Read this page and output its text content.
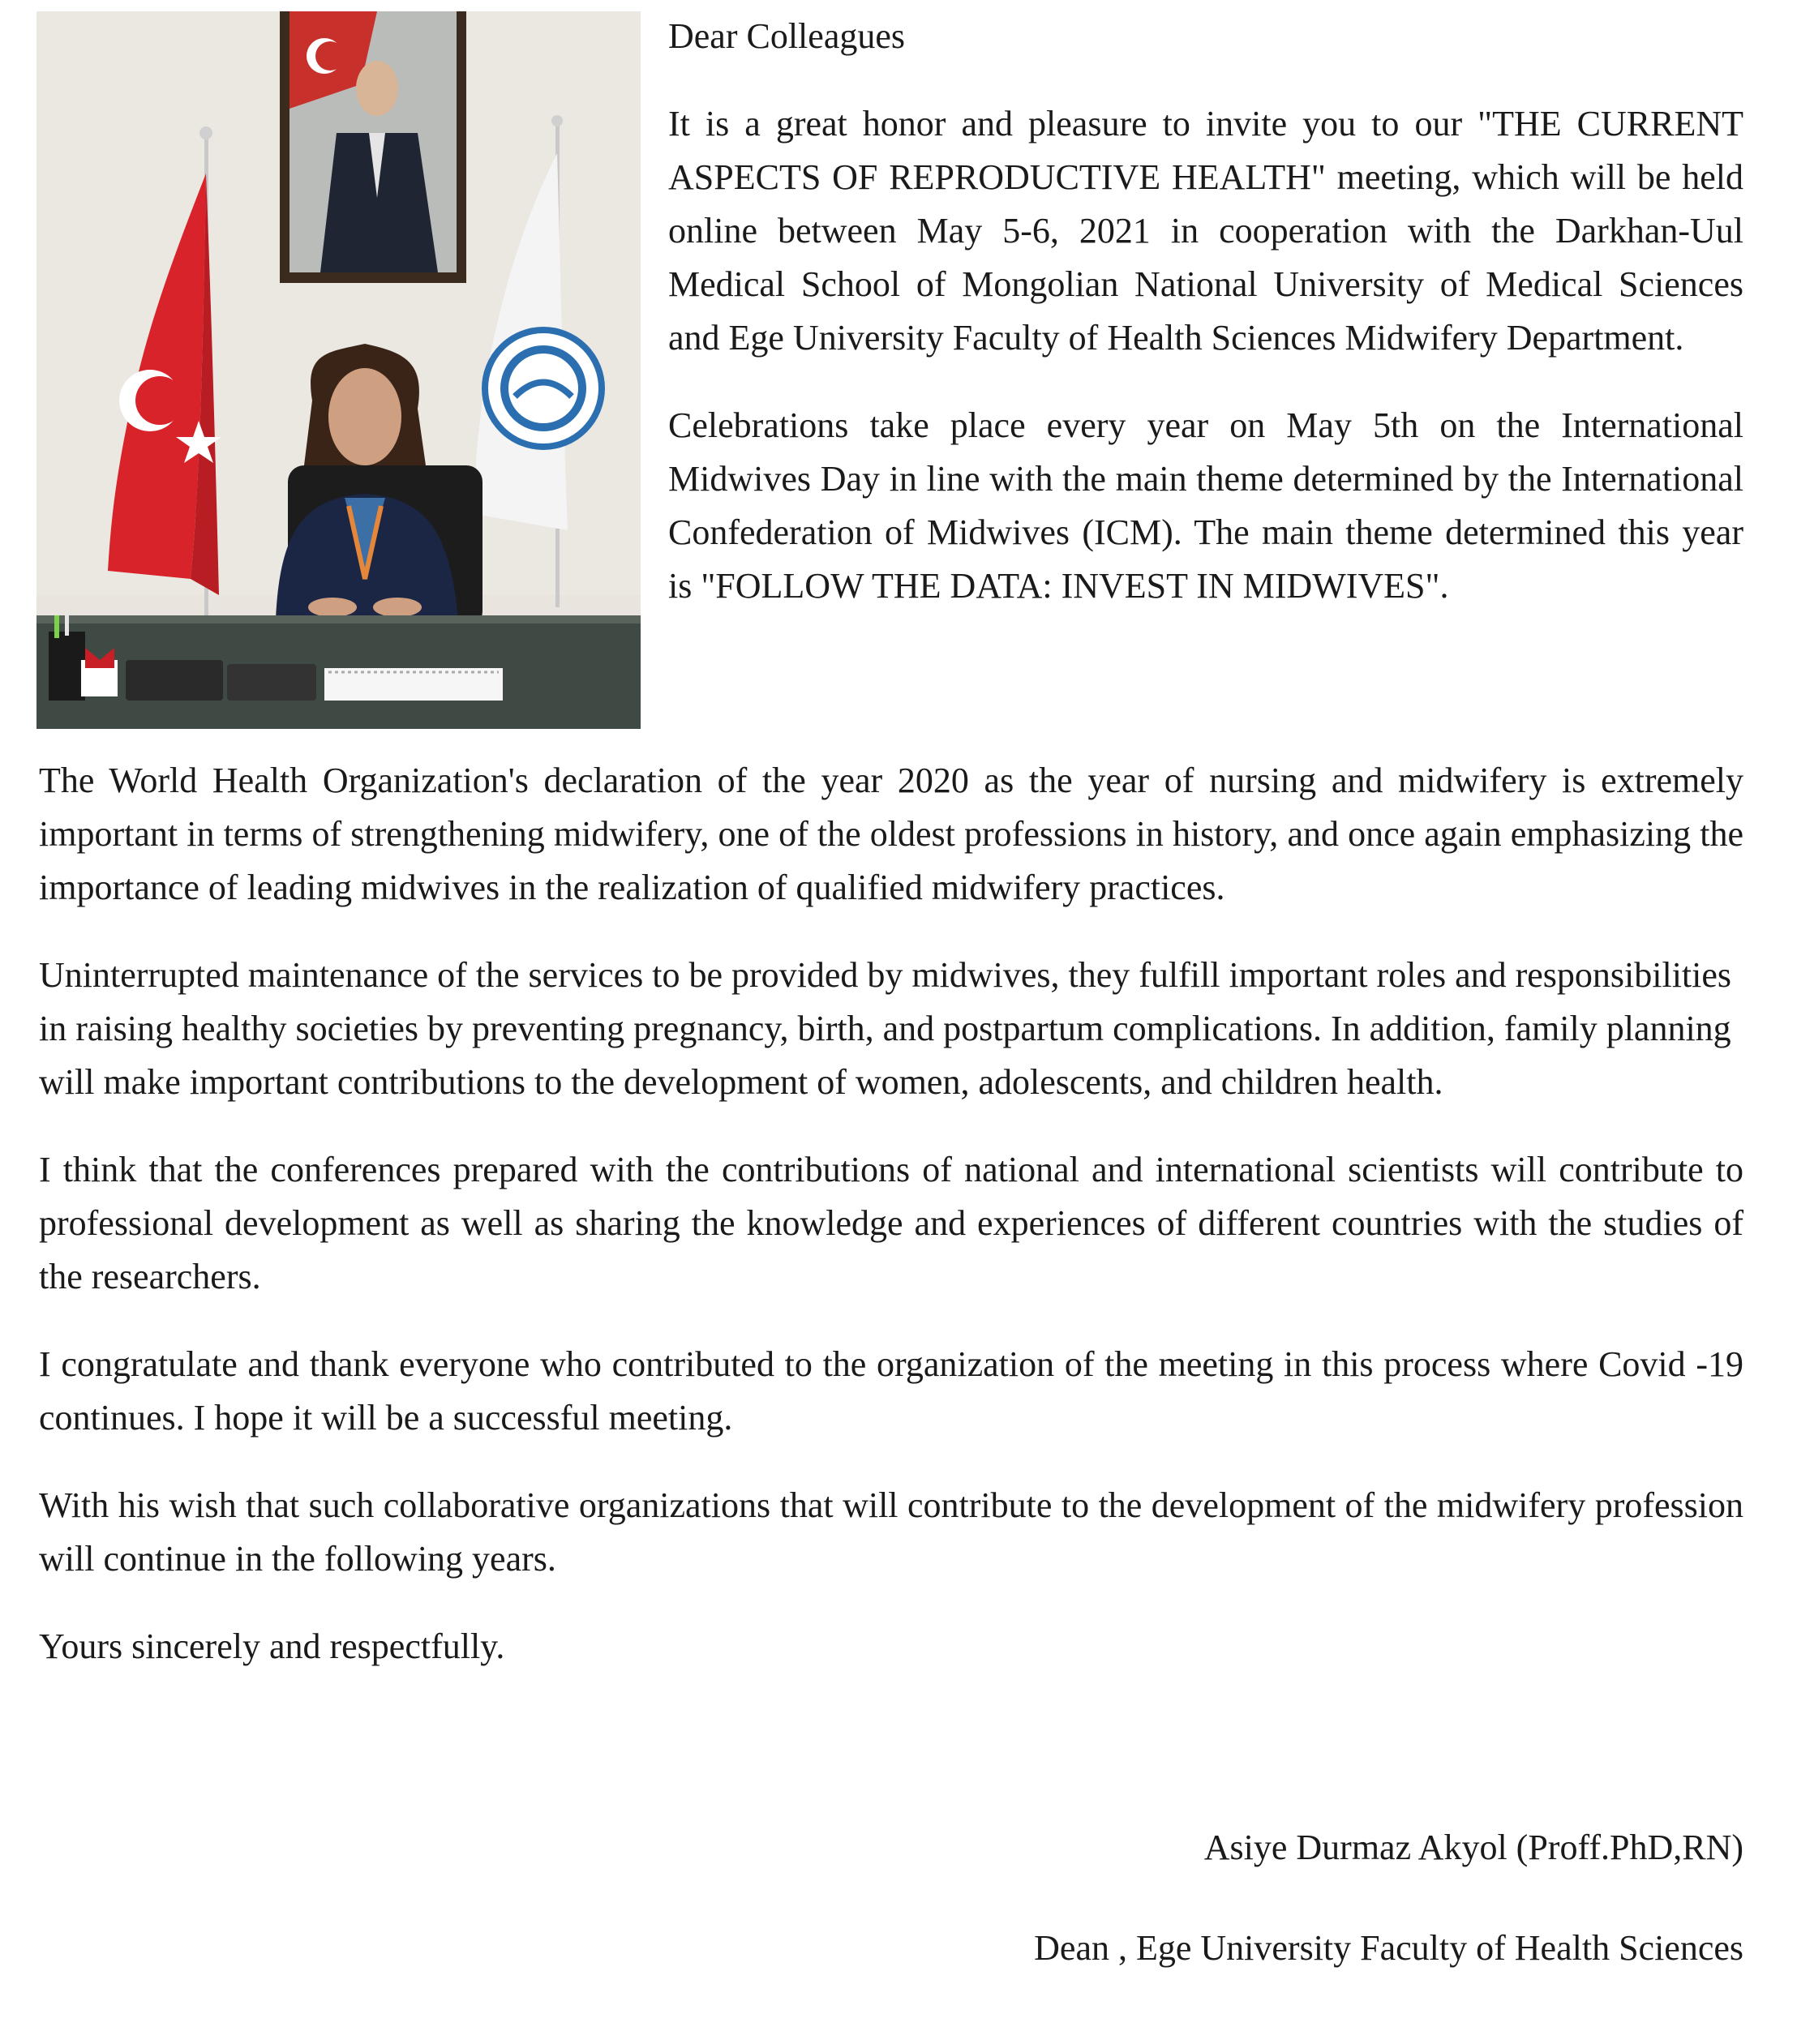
Dear Colleagues

It is a great honor and pleasure to invite you to our "THE CURRENT ASPECTS OF REPRODUCTIVE HEALTH" meeting, which will be held online between May 5-6, 2021 in cooperation with the Darkhan-Uul Medical School of Mongolian National University of Medical Sciences and Ege University Faculty of Health Sciences Midwifery Department.

Celebrations take place every year on May 5th on the International Midwives Day in line with the main theme determined by the International Confederation of Midwives (ICM). The main theme determined this year is "FOLLOW THE DATA: INVEST IN MIDWIVES".

The World Health Organization's declaration of the year 2020 as the year of nursing and midwifery is extremely important in terms of strengthening midwifery, one of the oldest professions in history, and once again emphasizing the importance of leading midwives in the realization of qualified midwifery practices.

Uninterrupted maintenance of the services to be provided by midwives, they fulfill important roles and responsibilities in raising healthy societies by preventing pregnancy, birth, and postpartum complications. In addition, family planning will make important contributions to the development of women, adolescents, and children health.

I think that the conferences prepared with the contributions of national and international scientists will contribute to professional development as well as sharing the knowledge and experiences of different countries with the studies of the researchers.

I congratulate and thank everyone who contributed to the organization of the meeting in this process where Covid -19 continues. I hope it will be a successful meeting.

With his wish that such collaborative organizations that will contribute to the development of the midwifery profession will continue in the following years.

Yours sincerely and respectfully.

Asiye Durmaz Akyol (Proff.PhD,RN)
Dean , Ege University Faculty of Health Sciences
